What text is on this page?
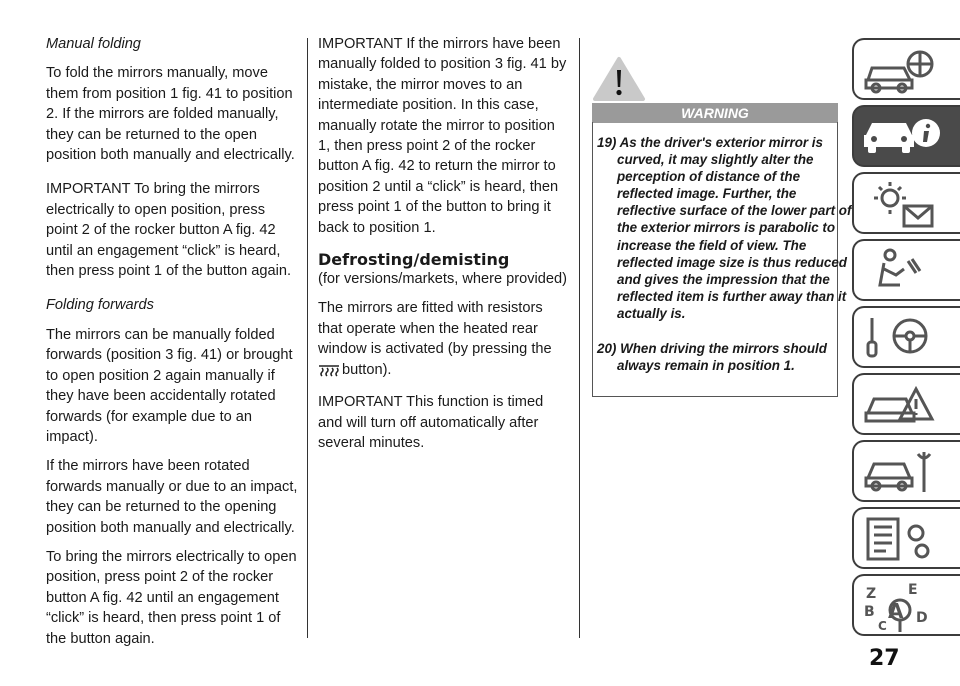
Manual folding

To fold the mirrors manually, move them from position 1 fig. 41 to position 2. If the mirrors are folded manually, they can be returned to the open position both manually and electrically.

IMPORTANT To bring the mirrors electrically to open position, press point 2 of the rocker button A fig. 42 until an engagement “click” is heard, then press point 1 of the button again.

Folding forwards

The mirrors can be manually folded forwards (position 3 fig. 41) or brought to open position 2 again manually if they have been accidentally rotated forwards (for example due to an impact).

If the mirrors have been rotated forwards manually or due to an impact, they can be returned to the opening position both manually and electrically.

To bring the mirrors electrically to open position, press point 2 of the rocker button A fig. 42 until an engagement “click” is heard, then press point 1 of the button again.

IMPORTANT If the mirrors have been manually folded to position 3 fig. 41 by mistake, the mirror moves to an intermediate position. In this case, manually rotate the mirror to position 1, then press point 2 of the rocker button A fig. 42 to return the mirror to position 2 until a “click” is heard, then press point 1 of the button to bring it back to position 1.

Defrosting/demisting

(for versions/markets, where provided)

The mirrors are fitted with resistors that operate when the heated rear window is activated (by pressing the
button).

IMPORTANT This function is timed and will turn off automatically after several minutes.

WARNING
19) As the driver's exterior mirror is curved, it may slightly alter the perception of distance of the reflected image. Further, the reflective surface of the lower part of the exterior mirrors is parabolic to increase the field of view. The reflected image size is thus reduced and gives the impression that the reflected item is further away than it actually is.
20) When driving the mirrors should always remain in position 1.
Z E
B A
C D
27
